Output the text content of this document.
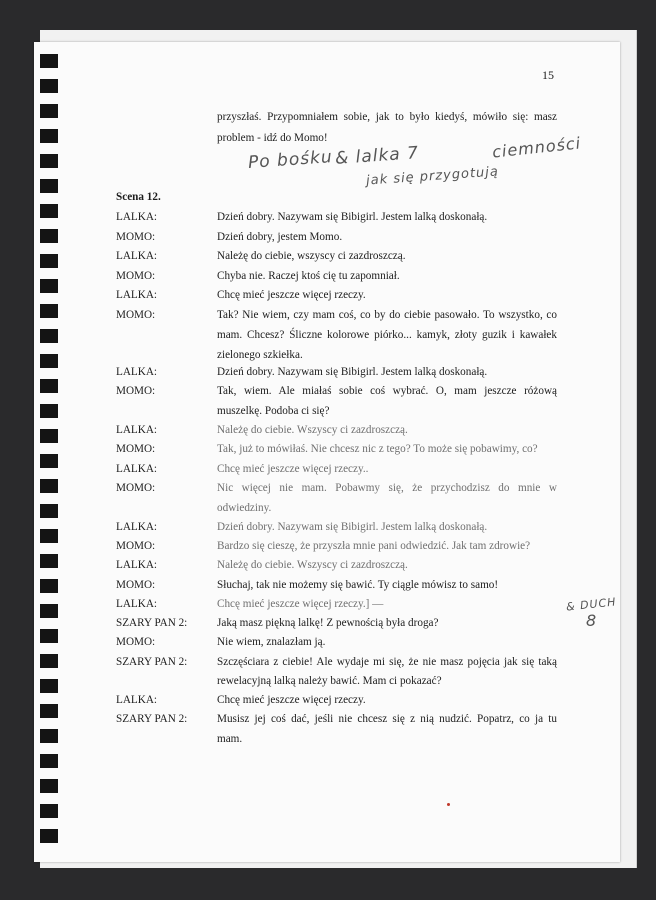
15
przyszłaś. Przypomniałem sobie, jak to było kiedyś, mówiło się: masz
problem - idź do Momo!
Po bośku & lalka 7	ciemności
jak się przygotują
& DUCH
8
Scena 12.
LALKA:	Dzień dobry. Nazywam się Bibigirl. Jestem lalką doskonałą.
MOMO:	Dzień dobry, jestem Momo.
LALKA:	Należę do ciebie, wszyscy ci zazdroszczą.
MOMO:	Chyba nie. Raczej ktoś cię tu zapomniał.
LALKA:	Chcę mieć jeszcze więcej rzeczy.
MOMO:	Tak? Nie wiem, czy mam coś, co by do ciebie pasowało. To wszystko, co
mam. Chcesz? Śliczne kolorowe piórko... kamyk, złoty guzik i kawałek
zielonego szkiełka.
LALKA:	Dzień dobry. Nazywam się Bibigirl. Jestem lalką doskonałą.
MOMO:	Tak, wiem. Ale miałaś sobie coś wybrać. O, mam jeszcze różową
muszelkę. Podoba ci się?
LALKA:	Należę do ciebie. Wszyscy ci zazdroszczą.
MOMO:	Tak, już to mówiłaś. Nie chcesz nic z tego? To może się pobawimy, co?
LALKA:	Chcę mieć jeszcze więcej rzeczy..
MOMO:	Nic więcej nie mam. Pobawmy się, że przychodzisz do mnie w
odwiedziny.
LALKA:	Dzień dobry. Nazywam się Bibigirl. Jestem lalką doskonałą.
MOMO:	Bardzo się cieszę, że przyszła mnie pani odwiedzić. Jak tam zdrowie?
LALKA:	Należę do ciebie. Wszyscy ci zazdroszczą.
MOMO:	Słuchaj, tak nie możemy się bawić. Ty ciągle mówisz to samo!
LALKA:	Chcę mieć jeszcze więcej rzeczy.] —
SZARY PAN 2:	Jaką masz piękną lalkę! Z pewnością była droga?
MOMO:	Nie wiem, znalazłam ją.
SZARY PAN 2:	Szczęściara z ciebie! Ale wydaje mi się, że nie masz pojęcia jak się taką
rewelacyjną lalką należy bawić. Mam ci pokazać?
LALKA:	Chcę mieć jeszcze więcej rzeczy.
SZARY PAN 2:	Musisz jej coś dać, jeśli nie chcesz się z nią nudzić. Popatrz, co ja tu
mam.
